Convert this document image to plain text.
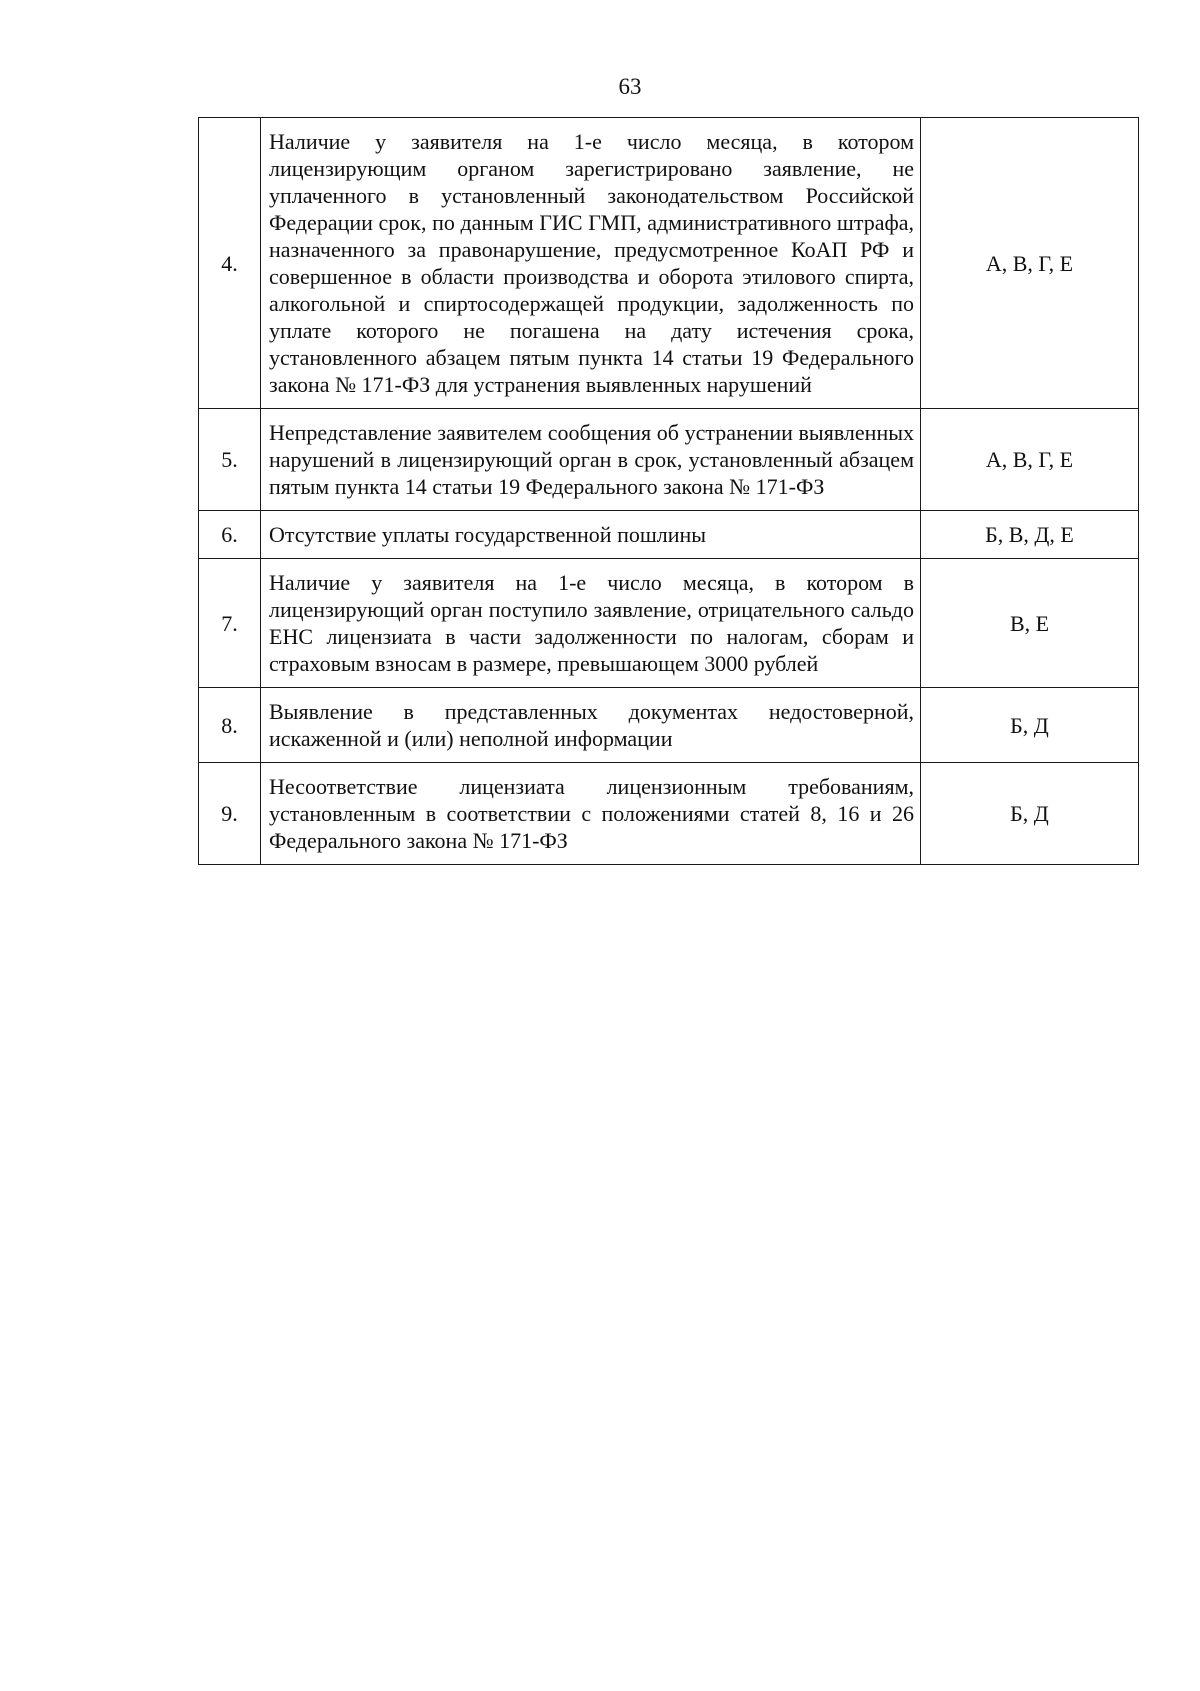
63
4.	Наличие у заявителя на 1-е число месяца, в котором лицензирующим органом зарегистрировано заявление, не уплаченного в установленный законодательством Российской Федерации срок, по данным ГИС ГМП, административного штрафа, назначенного за правонарушение, предусмотренное КоАП РФ и совершенное в области производства и оборота этилового спирта, алкогольной и спиртосодержащей продукции, задолженность по уплате которого не погашена на дату истечения срока, установленного абзацем пятым пункта 14 статьи 19 Федерального закона № 171-ФЗ для устранения выявленных нарушений	А, В, Г, Е
5.	Непредставление заявителем сообщения об устранении выявленных нарушений в лицензирующий орган в срок, установленный абзацем пятым пункта 14 статьи 19 Федерального закона № 171-ФЗ	А, В, Г, Е
6.	Отсутствие уплаты государственной пошлины	Б, В, Д, Е
7.	Наличие у заявителя на 1-е число месяца, в котором в лицензирующий орган поступило заявление, отрицательного сальдо ЕНС лицензиата в части задолженности по налогам, сборам и страховым взносам в размере, превышающем 3000 рублей	В, Е
8.	Выявление в представленных документах недостоверной, искаженной и (или) неполной информации	Б, Д
9.	Несоответствие лицензиата лицензионным требованиям, установленным в соответствии с положениями статей 8, 16 и 26 Федерального закона № 171-ФЗ	Б, Д
